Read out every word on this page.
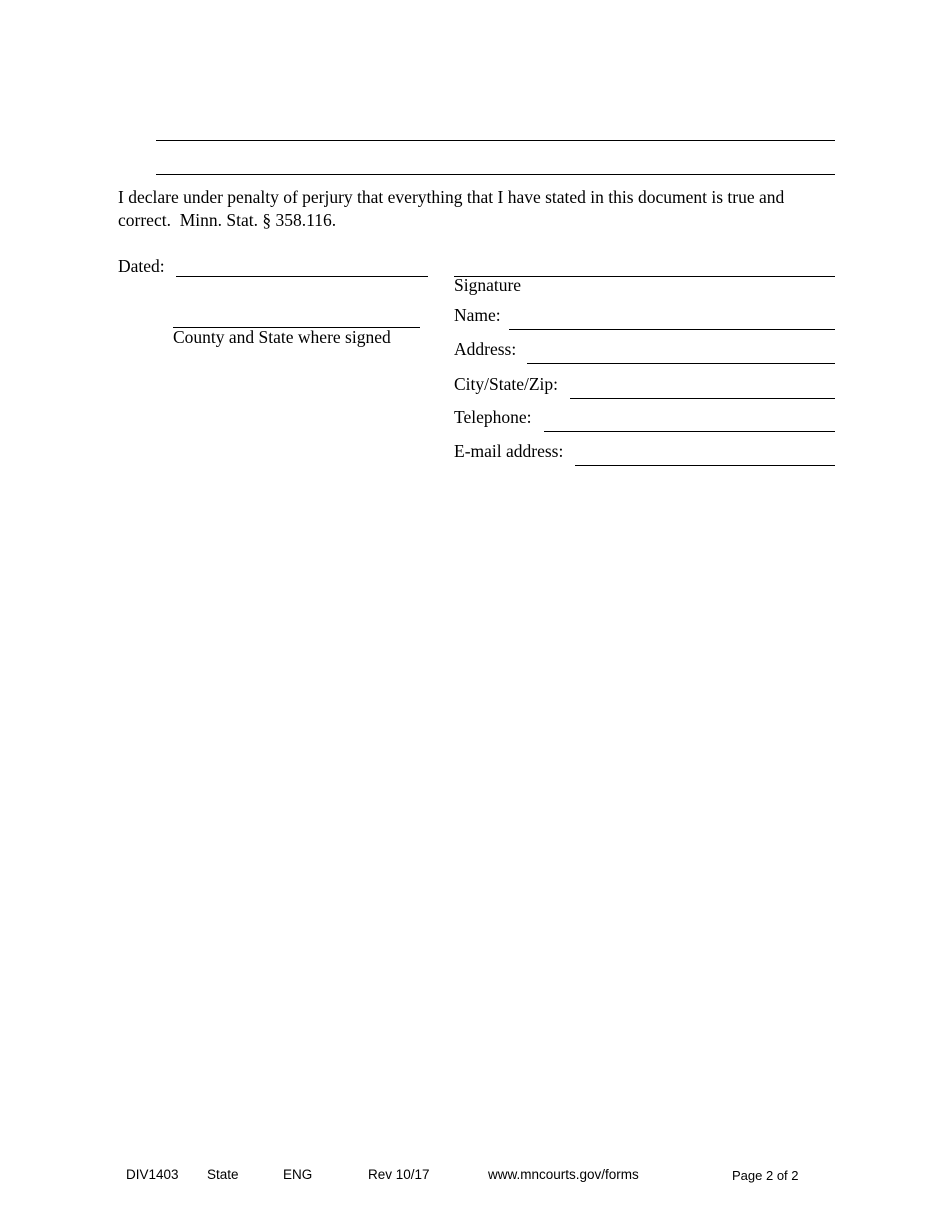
I declare under penalty of perjury that everything that I have stated in this document is true and correct. Minn. Stat. § 358.116.
Dated:
County and State where signed
Signature
Name:
Address:
City/State/Zip:
Telephone:
E-mail address:
DIV1403 State	ENG	Rev 10/17	www.mncourts.gov/forms	Page 2 of 2
